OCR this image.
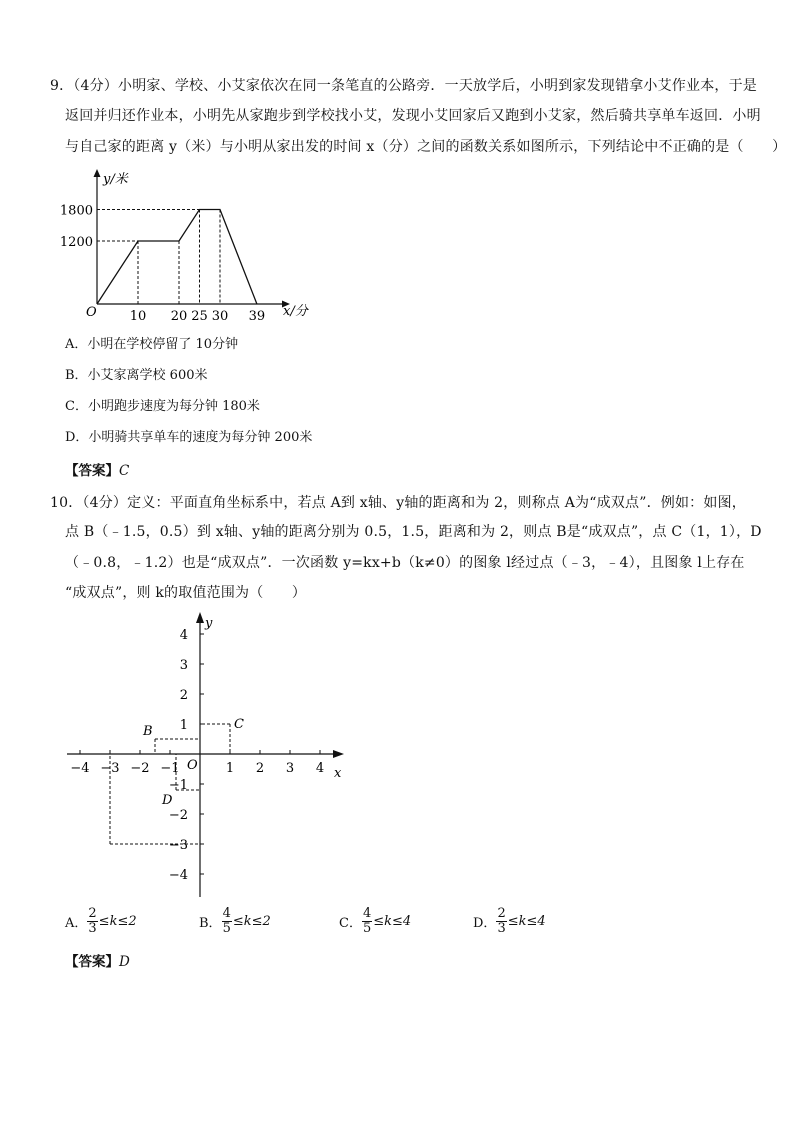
9．（4分）小明家、学校、小艾家依次在同一条笔直的公路旁．一天放学后，小明到家发现错拿小艾作业本，于是
返回并归还作业本，小明先从家跑步到学校找小艾，发现小艾回家后又跑到小艾家，然后骑共享单车返回．小明
与自己家的距离 y（米）与小明从家出发的时间 x（分）之间的函数关系如图所示，下列结论中不正确的是（　　）
1800
1200
10 20 25 30 39
y/米
x/分
O
A．小明在学校停留了 10分钟
B．小艾家离学校 600米
C．小明跑步速度为每分钟 180米
D．小明骑共享单车的速度为每分钟 200米
【答案】C
10．（4分）定义：平面直角坐标系中，若点 A到 x轴、y轴的距离和为 2，则称点 A为“成双点”．例如：如图，
点 B（﹣1.5，0.5）到 x轴、y轴的距离分别为 0.5，1.5，距离和为 2，则点 B是“成双点”，点 C（1，1），D
（﹣0.8，﹣1.2）也是“成双点”．一次函数 y=kx+b（k≠0）的图象 l经过点（﹣3，﹣4），且图象 l上存在
“成双点”，则 k的取值范围为（　　）
−4 −3 −2 −1	1 2 3 4
4
3
2
1
−1
−2
−3
−4
B	C
D
y
x
O
A． $\frac{2}{3} \le k\le 2$	B． $\frac{4}{5} \le k\le 2$	C． $\frac{4}{5} \le k\le 4$	D． $\frac{2}{3} \le k\le 4$
【答案】D
